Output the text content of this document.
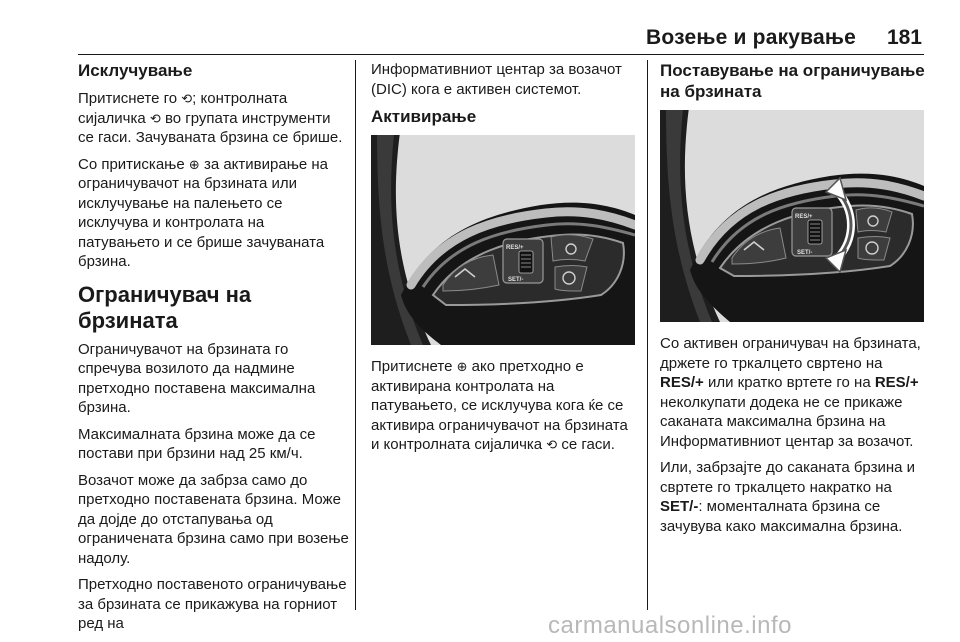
Возење и ракување 181
Исклучување

Притиснете го ⟲; контролната сијаличка ⟲ во групата инструменти се гаси. Зачуваната брзина се брише.

Со притискање ⊕ за активирање на ограничувачот на брзината или исклучување на палењето се исклучува и контролата на патувањето и се брише зачуваната брзина.

Ограничувач на брзината

Ограничувачот на брзината го спречува возилото да надмине претходно поставена максимална брзина.

Максималната брзина може да се постави при брзини над 25 км/ч.

Возачот може да забрза само до претходно поставената брзина. Може да дојде до отстапувања од ограничената брзина само при возење надолу.

Претходно поставеното ограничување за брзината се прикажува на горниот ред на

Информативниот центар за возачот (DIC) кога е активен системот.

Активирање
RES/+
SET/-

Притиснете ⊕ ако претходно е активирана контролата на патувањето, се исклучува кога ќе се активира ограничувачот на брзината и контролната сијаличка ⟲ се гаси.

Поставување на ограничување на брзината
RES/+
SET/-

Со активен ограничувач на брзината, држете го тркалцето свртено на RES/+ или кратко вртете го на RES/+ неколкупати додека не се прикаже саканата максимална брзина на Информативниот центар за возачот.

Или, забрзајте до саканата брзина и свртете го тркалцето накратко на SET/-: моменталната брзина се зачувува како максимална брзина.

carmanualsonline.info
